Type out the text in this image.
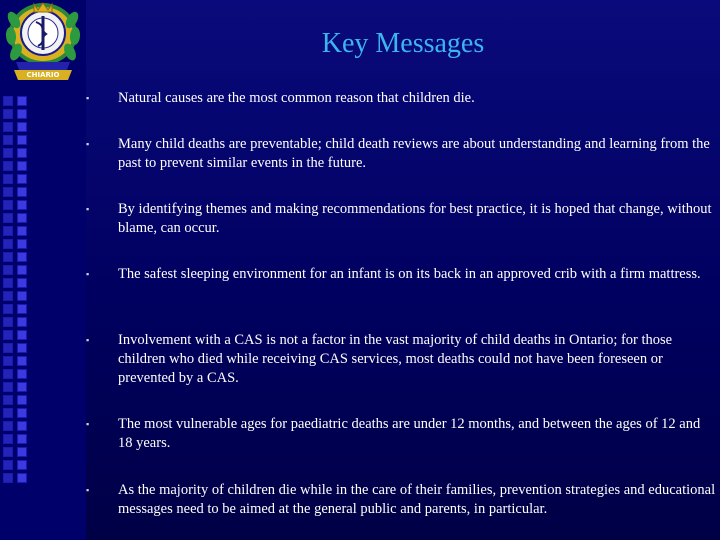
CHIARIO
Key Messages
▪	Natural causes are the most common reason that children die.
▪	Many child deaths are preventable; child death reviews are about understanding and learning from the past to prevent similar events in the future.
▪	By identifying themes and making recommendations for best practice, it is hoped that change, without blame, can occur.
▪	The safest sleeping environment for an infant is on its back in an approved crib with a firm mattress.
▪	Involvement with a CAS is not a factor in the vast majority of child deaths in Ontario; for those children who died while receiving CAS services, most deaths could not have been foreseen or prevented by a CAS.
▪	The most vulnerable ages for paediatric deaths are under 12 months, and between the ages of 12 and 18 years.
▪	As the majority of children die while in the care of their families, prevention strategies and educational messages need to be aimed at the general public and parents, in particular.
